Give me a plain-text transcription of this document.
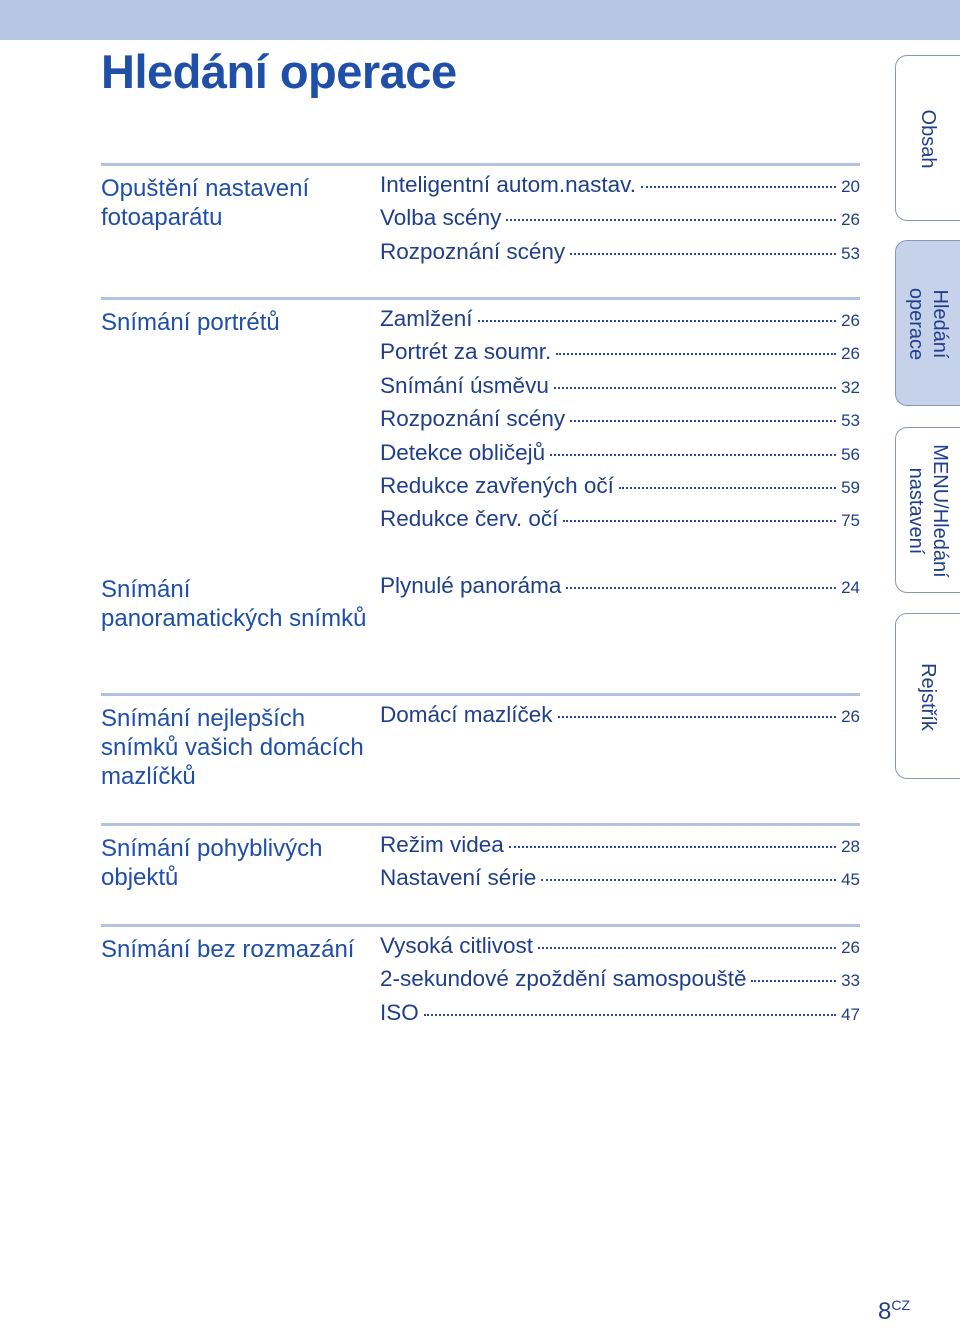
Hledání operace
Opuštění nastavení fotoaparátu
Inteligentní autom.nastav.	20
Volba scény	26
Rozpoznání scény	53
Snímání portrétů	Zamlžení	26
Portrét za soumr.	26
Snímání úsměvu	32
Rozpoznání scény	53
Detekce obličejů	56
Redukce zavřených očí	59
Redukce červ. očí	75
Snímání panoramatických snímků
Plynulé panoráma	24
Snímání nejlepších snímků vašich domácích mazlíčků
Domácí mazlíček	26
Snímání pohyblivých objektů
Režim videa	28
Nastavení série	45
Snímání bez rozmazání	Vysoká citlivost	26
2-sekundové zpoždění samospouště	33
ISO	47
Obsah
Hledání operace
MENU/Hledání nastavení
Rejstřík
$8^{CZ}$
